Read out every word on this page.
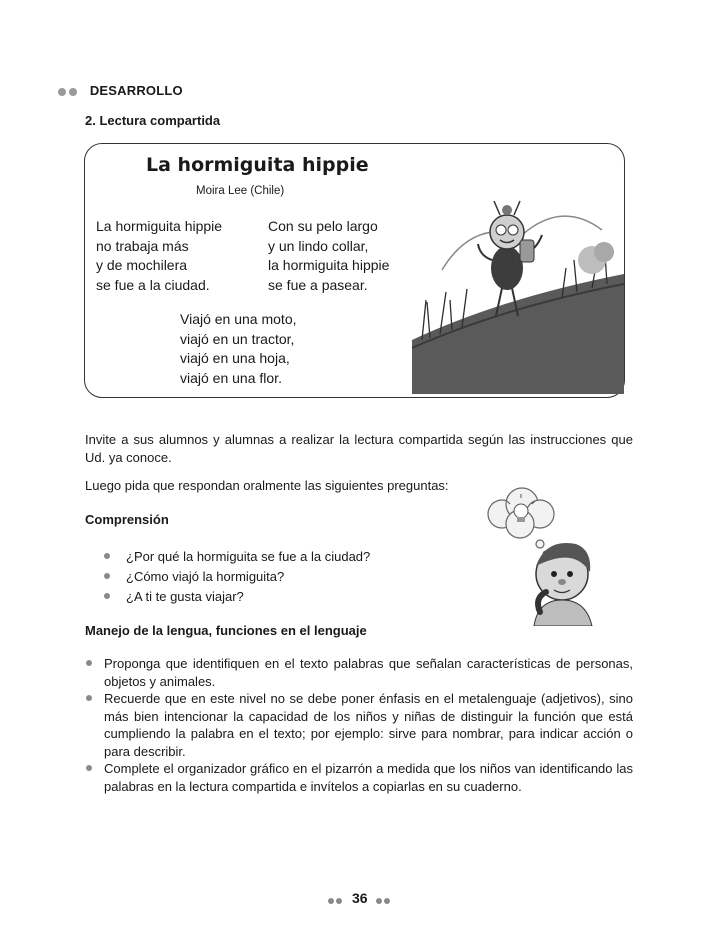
DESARROLLO
2. Lectura compartida
La hormiguita hippie
Moira Lee (Chile)
La hormiguita hippie
no trabaja más
y de mochilera
se fue a la ciudad.
Con su pelo largo
y un lindo collar,
la hormiguita hippie
se fue a pasear.
Viajó en una moto,
viajó en un tractor,
viajó en una hoja,
viajó en una flor.
Invite a sus alumnos y alumnas a realizar la lectura compartida según las instrucciones que Ud. ya conoce.
Luego pida que respondan oralmente las siguientes preguntas:
Comprensión
¿Por qué la hormiguita se fue a la ciudad?
¿Cómo viajó la hormiguita?
¿A ti te gusta viajar?
Manejo de la lengua, funciones en el lenguaje
Proponga que identifiquen en el texto palabras que señalan características de personas, objetos y animales.
Recuerde que en este nivel no se debe poner énfasis en el metalenguaje (adjetivos), sino más bien intencionar la capacidad de los niños y niñas de distinguir la función que está cumpliendo la palabra en el texto; por ejemplo: sirve para nombrar, para indicar acción o para describir.
Complete el organizador gráfico en el pizarrón a medida que los niños van identificando las palabras en la lectura compartida e invítelos a copiarlas en su cuaderno.
36
